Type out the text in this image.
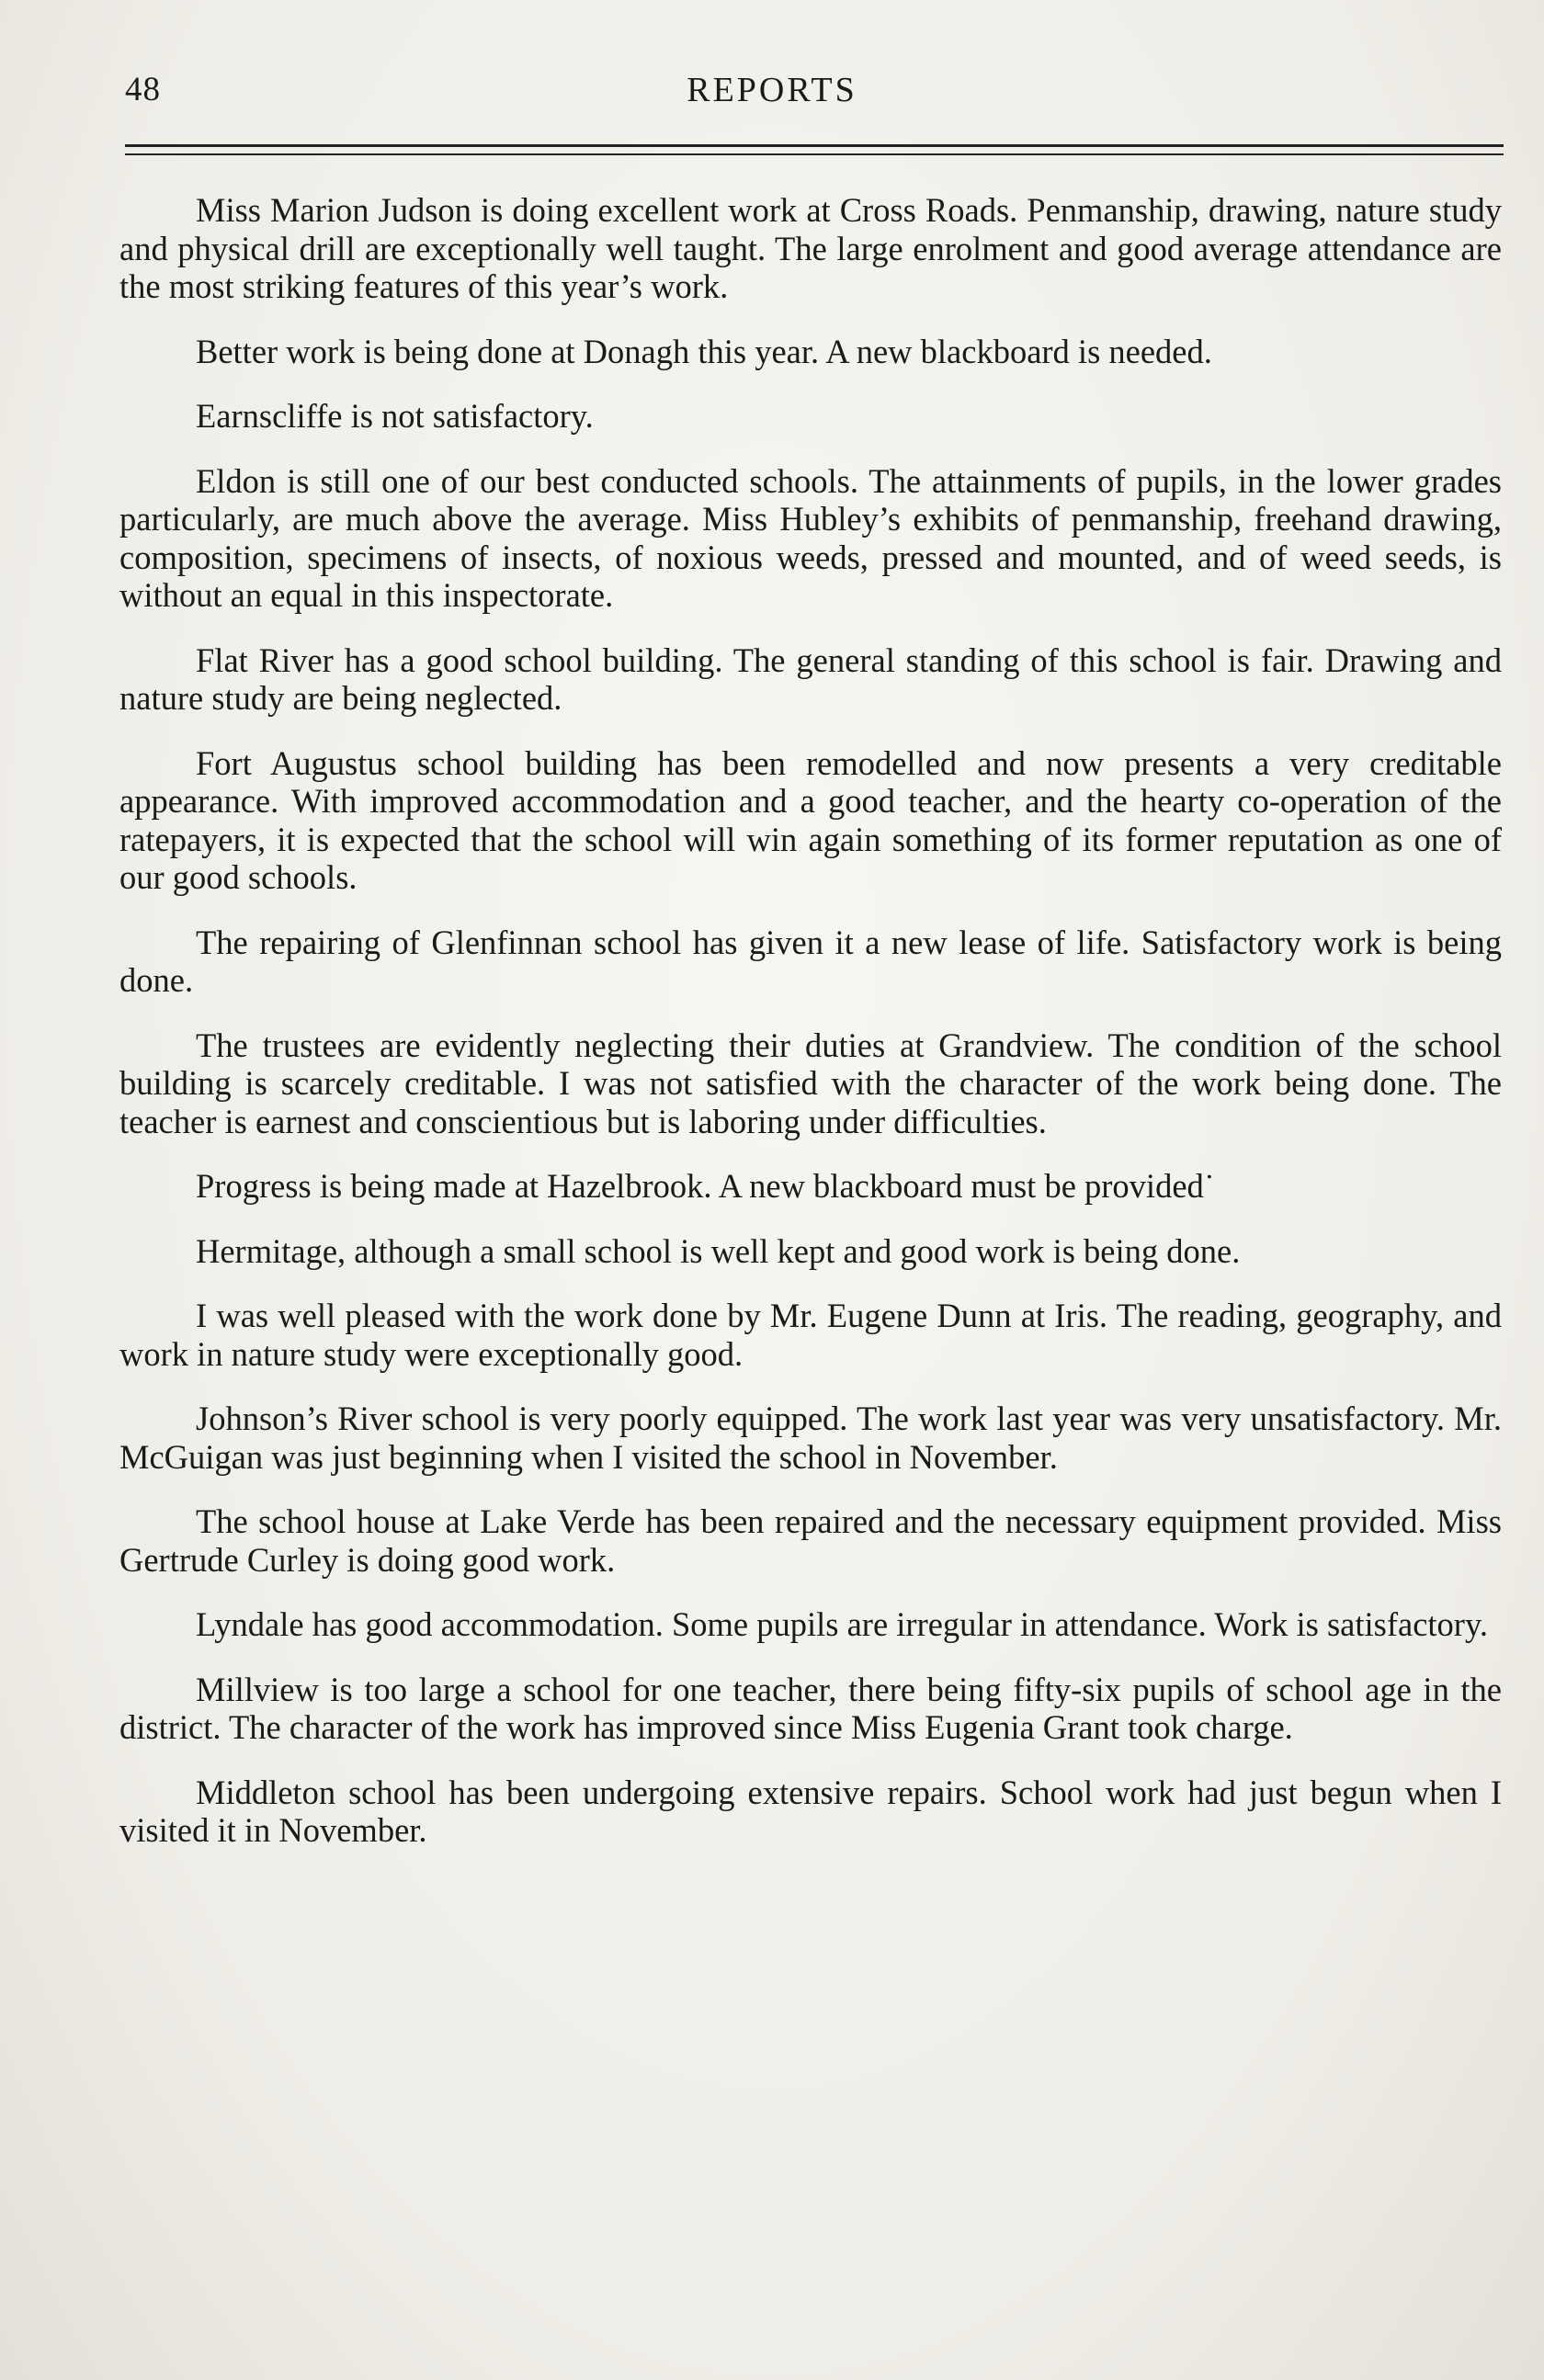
48	REPORTS

Miss Marion Judson is doing excellent work at Cross Roads. Penmanship, drawing, nature study and physical drill are exceptionally well taught. The large enrolment and good average attendance are the most striking features of this year’s work.

Better work is being done at Donagh this year. A new blackboard is needed.

Earnscliffe is not satisfactory.

Eldon is still one of our best conducted schools. The attainments of pupils, in the lower grades particularly, are much above the average. Miss Hubley’s exhibits of penmanship, freehand drawing, composition, specimens of insects, of noxious weeds, pressed and mounted, and of weed seeds, is without an equal in this inspectorate.

Flat River has a good school building. The general standing of this school is fair. Drawing and nature study are being neglected.

Fort Augustus school building has been remodelled and now presents a very creditable appearance. With improved accommodation and a good teacher, and the hearty co-operation of the ratepayers, it is expected that the school will win again something of its former reputation as one of our good schools.

The repairing of Glenfinnan school has given it a new lease of life. Satisfactory work is being done.

The trustees are evidently neglecting their duties at Grandview. The condition of the school building is scarcely creditable. I was not satisfied with the character of the work being done. The teacher is earnest and conscientious but is laboring under difficulties.

Progress is being made at Hazelbrook. A new blackboard must be provided˙

Hermitage, although a small school is well kept and good work is being done.

I was well pleased with the work done by Mr. Eugene Dunn at Iris. The reading, geography, and work in nature study were exceptionally good.

Johnson’s River school is very poorly equipped. The work last year was very unsatisfactory. Mr. McGuigan was just beginning when I visited the school in November.

The school house at Lake Verde has been repaired and the necessary equipment provided. Miss Gertrude Curley is doing good work.

Lyndale has good accommodation. Some pupils are irregular in attendance. Work is satisfactory.

Millview is too large a school for one teacher, there being fifty-six pupils of school age in the district. The character of the work has improved since Miss Eugenia Grant took charge.

Middleton school has been undergoing extensive repairs. School work had just begun when I visited it in November.
